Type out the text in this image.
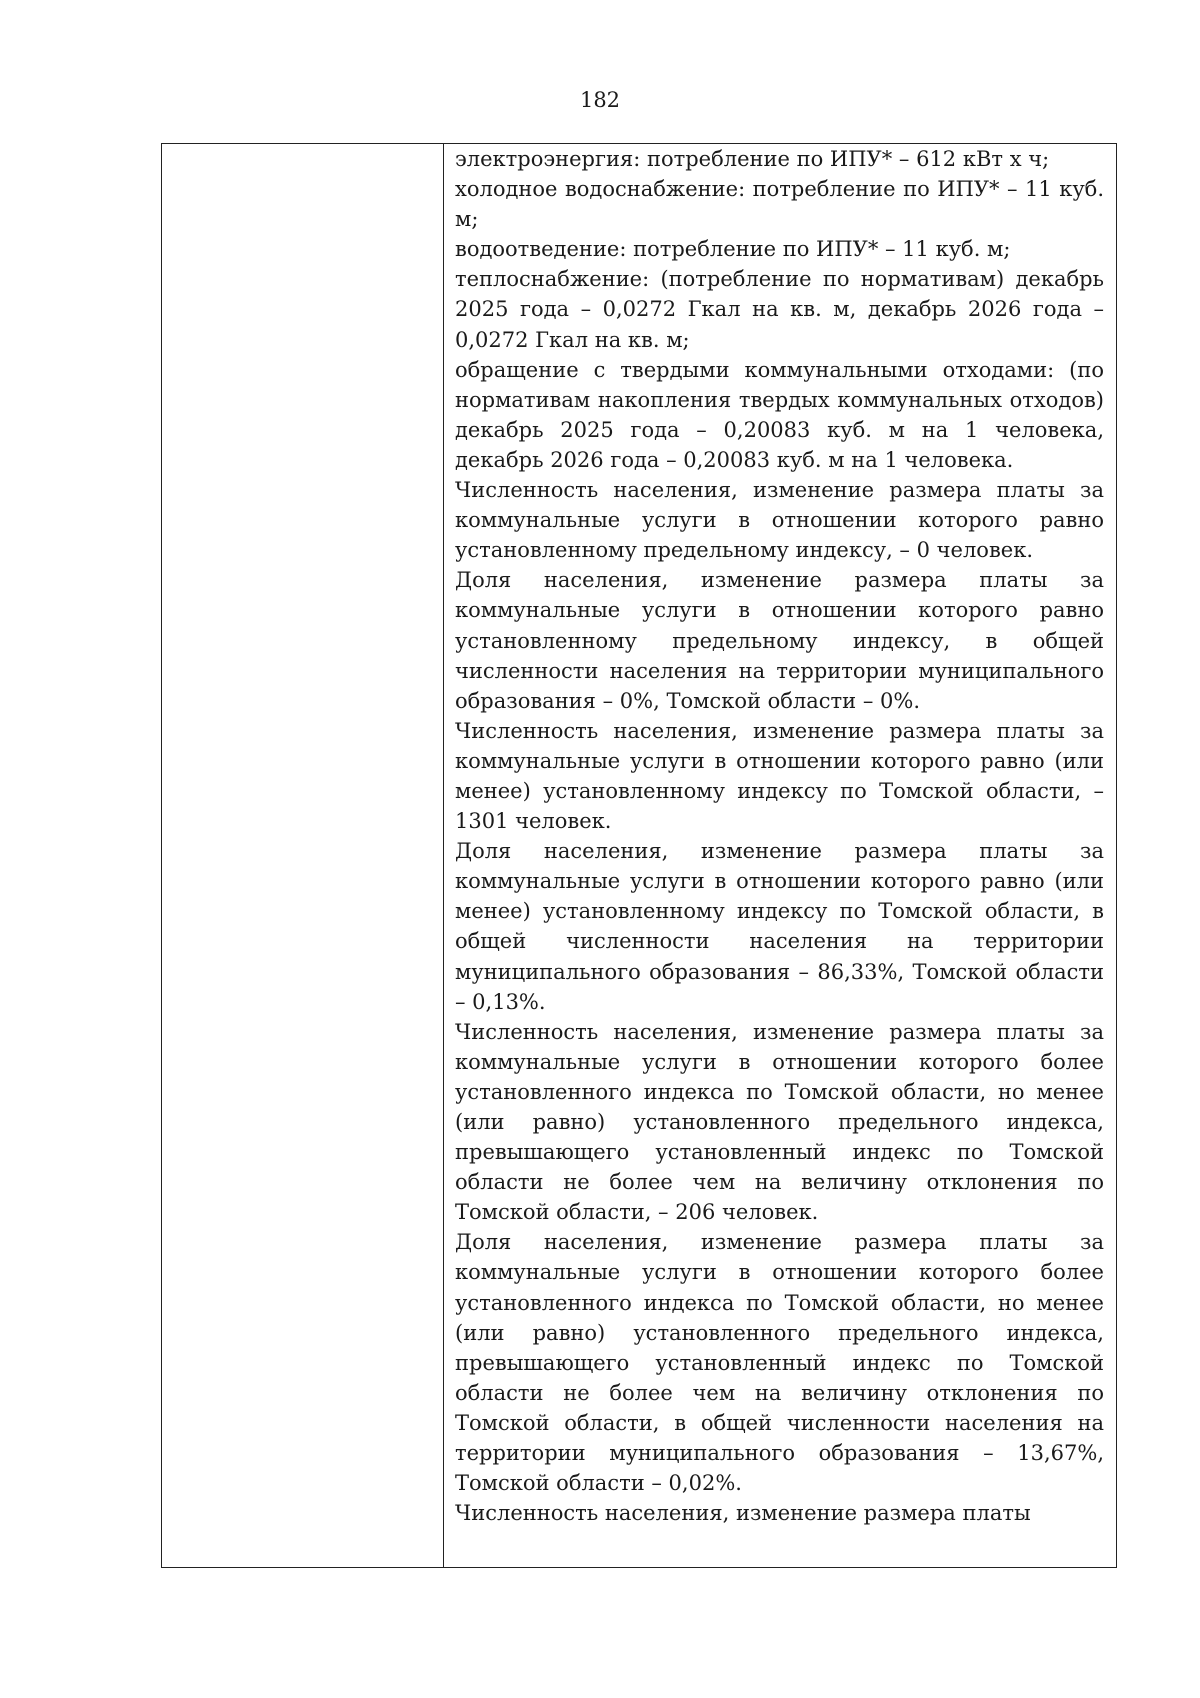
182

электроэнергия: потребление по ИПУ* – 612 кВт х ч;

холодное водоснабжение: потребление по ИПУ* – 11 куб. м;

водоотведение: потребление по ИПУ* – 11 куб. м;

теплоснабжение: (потребление по нормативам) декабрь 2025 года – 0,0272 Гкал на кв. м, декабрь 2026 года – 0,0272 Гкал на кв. м;

обращение с твердыми коммунальными отходами: (по нормативам накопления твердых коммунальных отходов) декабрь 2025 года – 0,20083 куб. м на 1 человека, декабрь 2026 года – 0,20083 куб. м на 1 человека.

Численность населения, изменение размера платы за коммунальные услуги в отношении которого равно установленному предельному индексу, – 0 человек.

Доля населения, изменение размера платы за коммунальные услуги в отношении которого равно установленному предельному индексу, в общей численности населения на территории муниципального образования – 0%, Томской области – 0%.

Численность населения, изменение размера платы за коммунальные услуги в отношении которого равно (или менее) установленному индексу по Томской области, – 1301 человек.

Доля населения, изменение размера платы за коммунальные услуги в отношении которого равно (или менее) установленному индексу по Томской области, в общей численности населения на территории муниципального образования – 86,33%, Томской области – 0,13%.

Численность населения, изменение размера платы за коммунальные услуги в отношении которого более установленного индекса по Томской области, но менее (или равно) установленного предельного индекса, превышающего установленный индекс по Томской области не более чем на величину отклонения по Томской области, – 206 человек.

Доля населения, изменение размера платы за коммунальные услуги в отношении которого более установленного индекса по Томской области, но менее (или равно) установленного предельного индекса, превышающего установленный индекс по Томской области не более чем на величину отклонения по Томской области, в общей численности населения на территории муниципального образования – 13,67%, Томской области – 0,02%.

Численность населения, изменение размера платы
